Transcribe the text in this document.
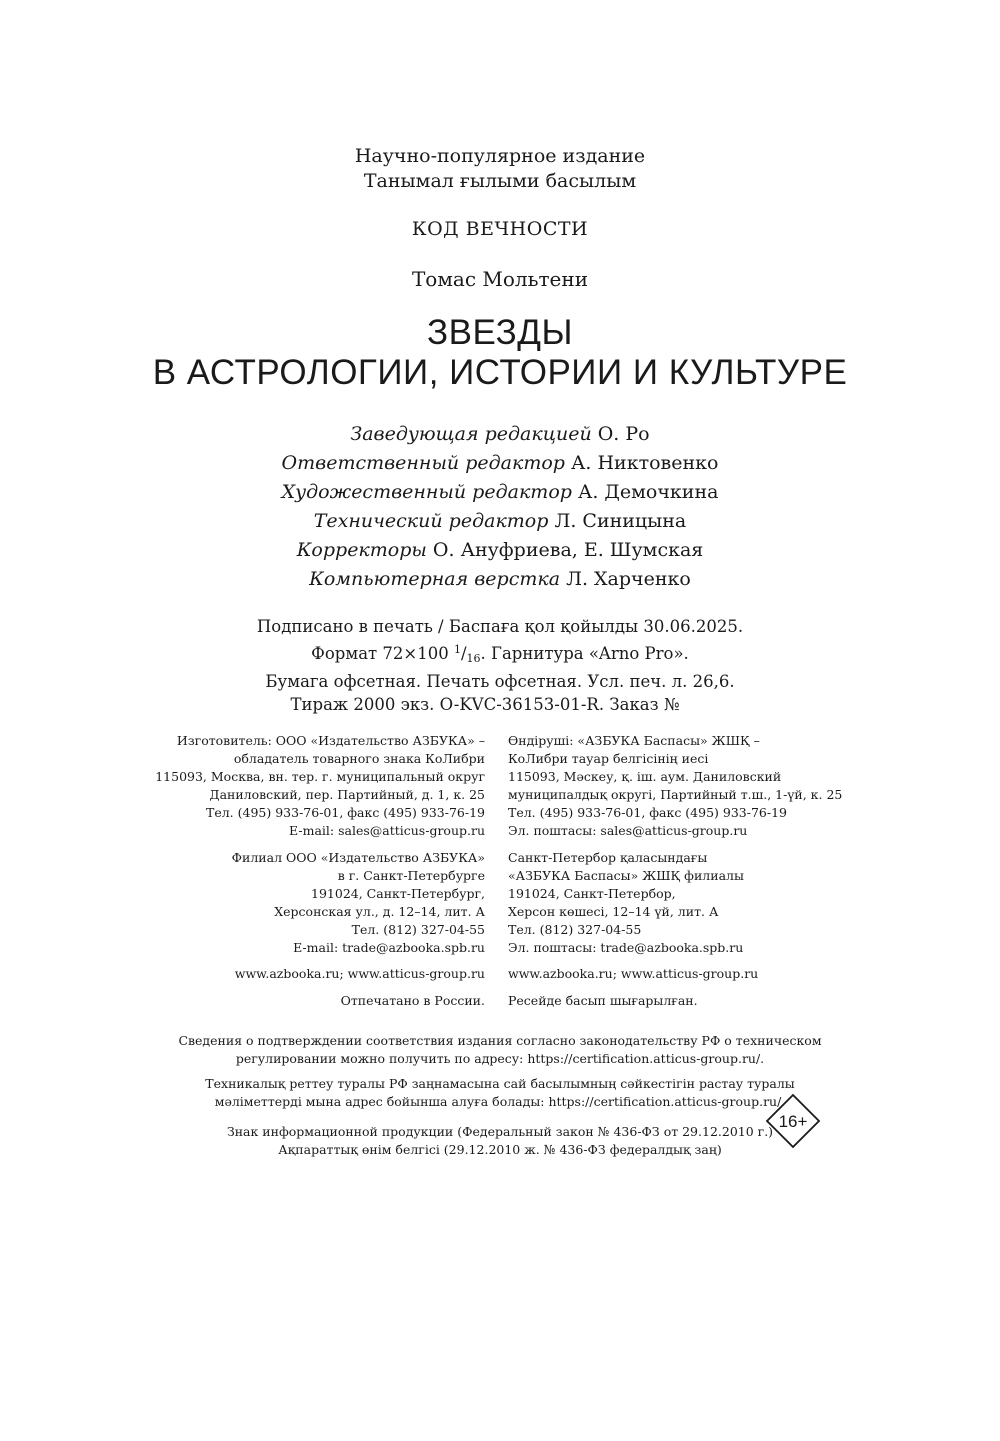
Научно-популярное издание
Танымал ғылыми басылым
КОД ВЕЧНОСТИ
Томас Мольтени
ЗВЕЗДЫ
В АСТРОЛОГИИ, ИСТОРИИ И КУЛЬТУРЕ
Заведующая редакцией О. Ро
Ответственный редактор А. Никтовенко
Художественный редактор А. Демочкина
Технический редактор Л. Синицына
Корректоры О. Ануфриева, Е. Шумская
Компьютерная верстка Л. Харченко
Подписано в печать / Баспаға қол қойылды 30.06.2025.
Формат 72×100 $^1/_{16}$. Гарнитура «Arno Pro».
Бумага офсетная. Печать офсетная. Усл. печ. л. 26,6.
Тираж 2000 экз. O-KVC-36153-01-R. Заказ №
Изготовитель: ООО «Издательство АЗБУКА» –
обладатель товарного знака КоЛибри
115093, Москва, вн. тер. г. муниципальный округ
Даниловский, пер. Партийный, д. 1, к. 25
Тел. (495) 933-76-01, факс (495) 933-76-19
E-mail: sales@atticus-group.ru
Филиал ООО «Издательство АЗБУКА»
в г. Санкт-Петербурге
191024, Санкт-Петербург,
Херсонская ул., д. 12–14, лит. А
Тел. (812) 327-04-55
E-mail: trade@azbooka.spb.ru
www.azbooka.ru; www.atticus-group.ru
Отпечатано в России.
Өндіруші: «АЗБУКА Баспасы» ЖШҚ –
КоЛибри тауар белгісінің иесі
115093, Мәскеу, қ. іш. аум. Даниловский
муниципалдық округі, Партийный т.ш., 1-үй, к. 25
Тел. (495) 933-76-01, факс (495) 933-76-19
Эл. поштасы: sales@atticus-group.ru
Санкт-Петербор қаласындағы
«АЗБУКА Баспасы» ЖШҚ филиалы
191024, Санкт-Петербор,
Херсон көшесі, 12–14 үй, лит. А
Тел. (812) 327-04-55
Эл. поштасы: trade@azbooka.spb.ru
www.azbooka.ru; www.atticus-group.ru
Ресейде басып шығарылған.
Сведения о подтверждении соответствия издания согласно законодательству РФ о техническом
регулировании можно получить по адресу: https://certification.atticus-group.ru/.
Техникалық реттеу туралы РФ заңнамасына сай басылымның сәйкестігін растау туралы
мәліметтерді мына адрес бойынша алуға болады: https://certification.atticus-group.ru/.
Знак информационной продукции (Федеральный закон № 436-ФЗ от 29.12.2010 г.)
Ақпараттық өнім белгісі (29.12.2010 ж. № 436-ФЗ федералдық заң)
16+
